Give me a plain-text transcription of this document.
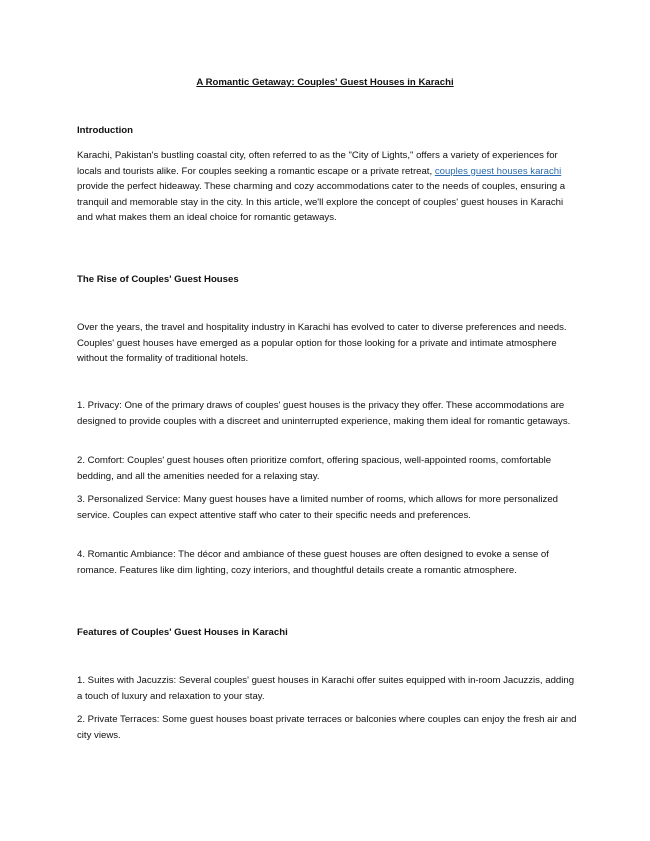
A Romantic Getaway: Couples' Guest Houses in Karachi
Introduction
Karachi, Pakistan's bustling coastal city, often referred to as the "City of Lights," offers a variety of experiences for locals and tourists alike. For couples seeking a romantic escape or a private retreat, couples guest houses karachi provide the perfect hideaway. These charming and cozy accommodations cater to the needs of couples, ensuring a tranquil and memorable stay in the city. In this article, we'll explore the concept of couples' guest houses in Karachi and what makes them an ideal choice for romantic getaways.
The Rise of Couples' Guest Houses
Over the years, the travel and hospitality industry in Karachi has evolved to cater to diverse preferences and needs. Couples' guest houses have emerged as a popular option for those looking for a private and intimate atmosphere without the formality of traditional hotels.
1. Privacy: One of the primary draws of couples' guest houses is the privacy they offer. These accommodations are designed to provide couples with a discreet and uninterrupted experience, making them ideal for romantic getaways.
2. Comfort: Couples' guest houses often prioritize comfort, offering spacious, well-appointed rooms, comfortable bedding, and all the amenities needed for a relaxing stay.
3. Personalized Service: Many guest houses have a limited number of rooms, which allows for more personalized service. Couples can expect attentive staff who cater to their specific needs and preferences.
4. Romantic Ambiance: The décor and ambiance of these guest houses are often designed to evoke a sense of romance. Features like dim lighting, cozy interiors, and thoughtful details create a romantic atmosphere.
Features of Couples' Guest Houses in Karachi
1. Suites with Jacuzzis: Several couples' guest houses in Karachi offer suites equipped with in-room Jacuzzis, adding a touch of luxury and relaxation to your stay.
2. Private Terraces: Some guest houses boast private terraces or balconies where couples can enjoy the fresh air and city views.
